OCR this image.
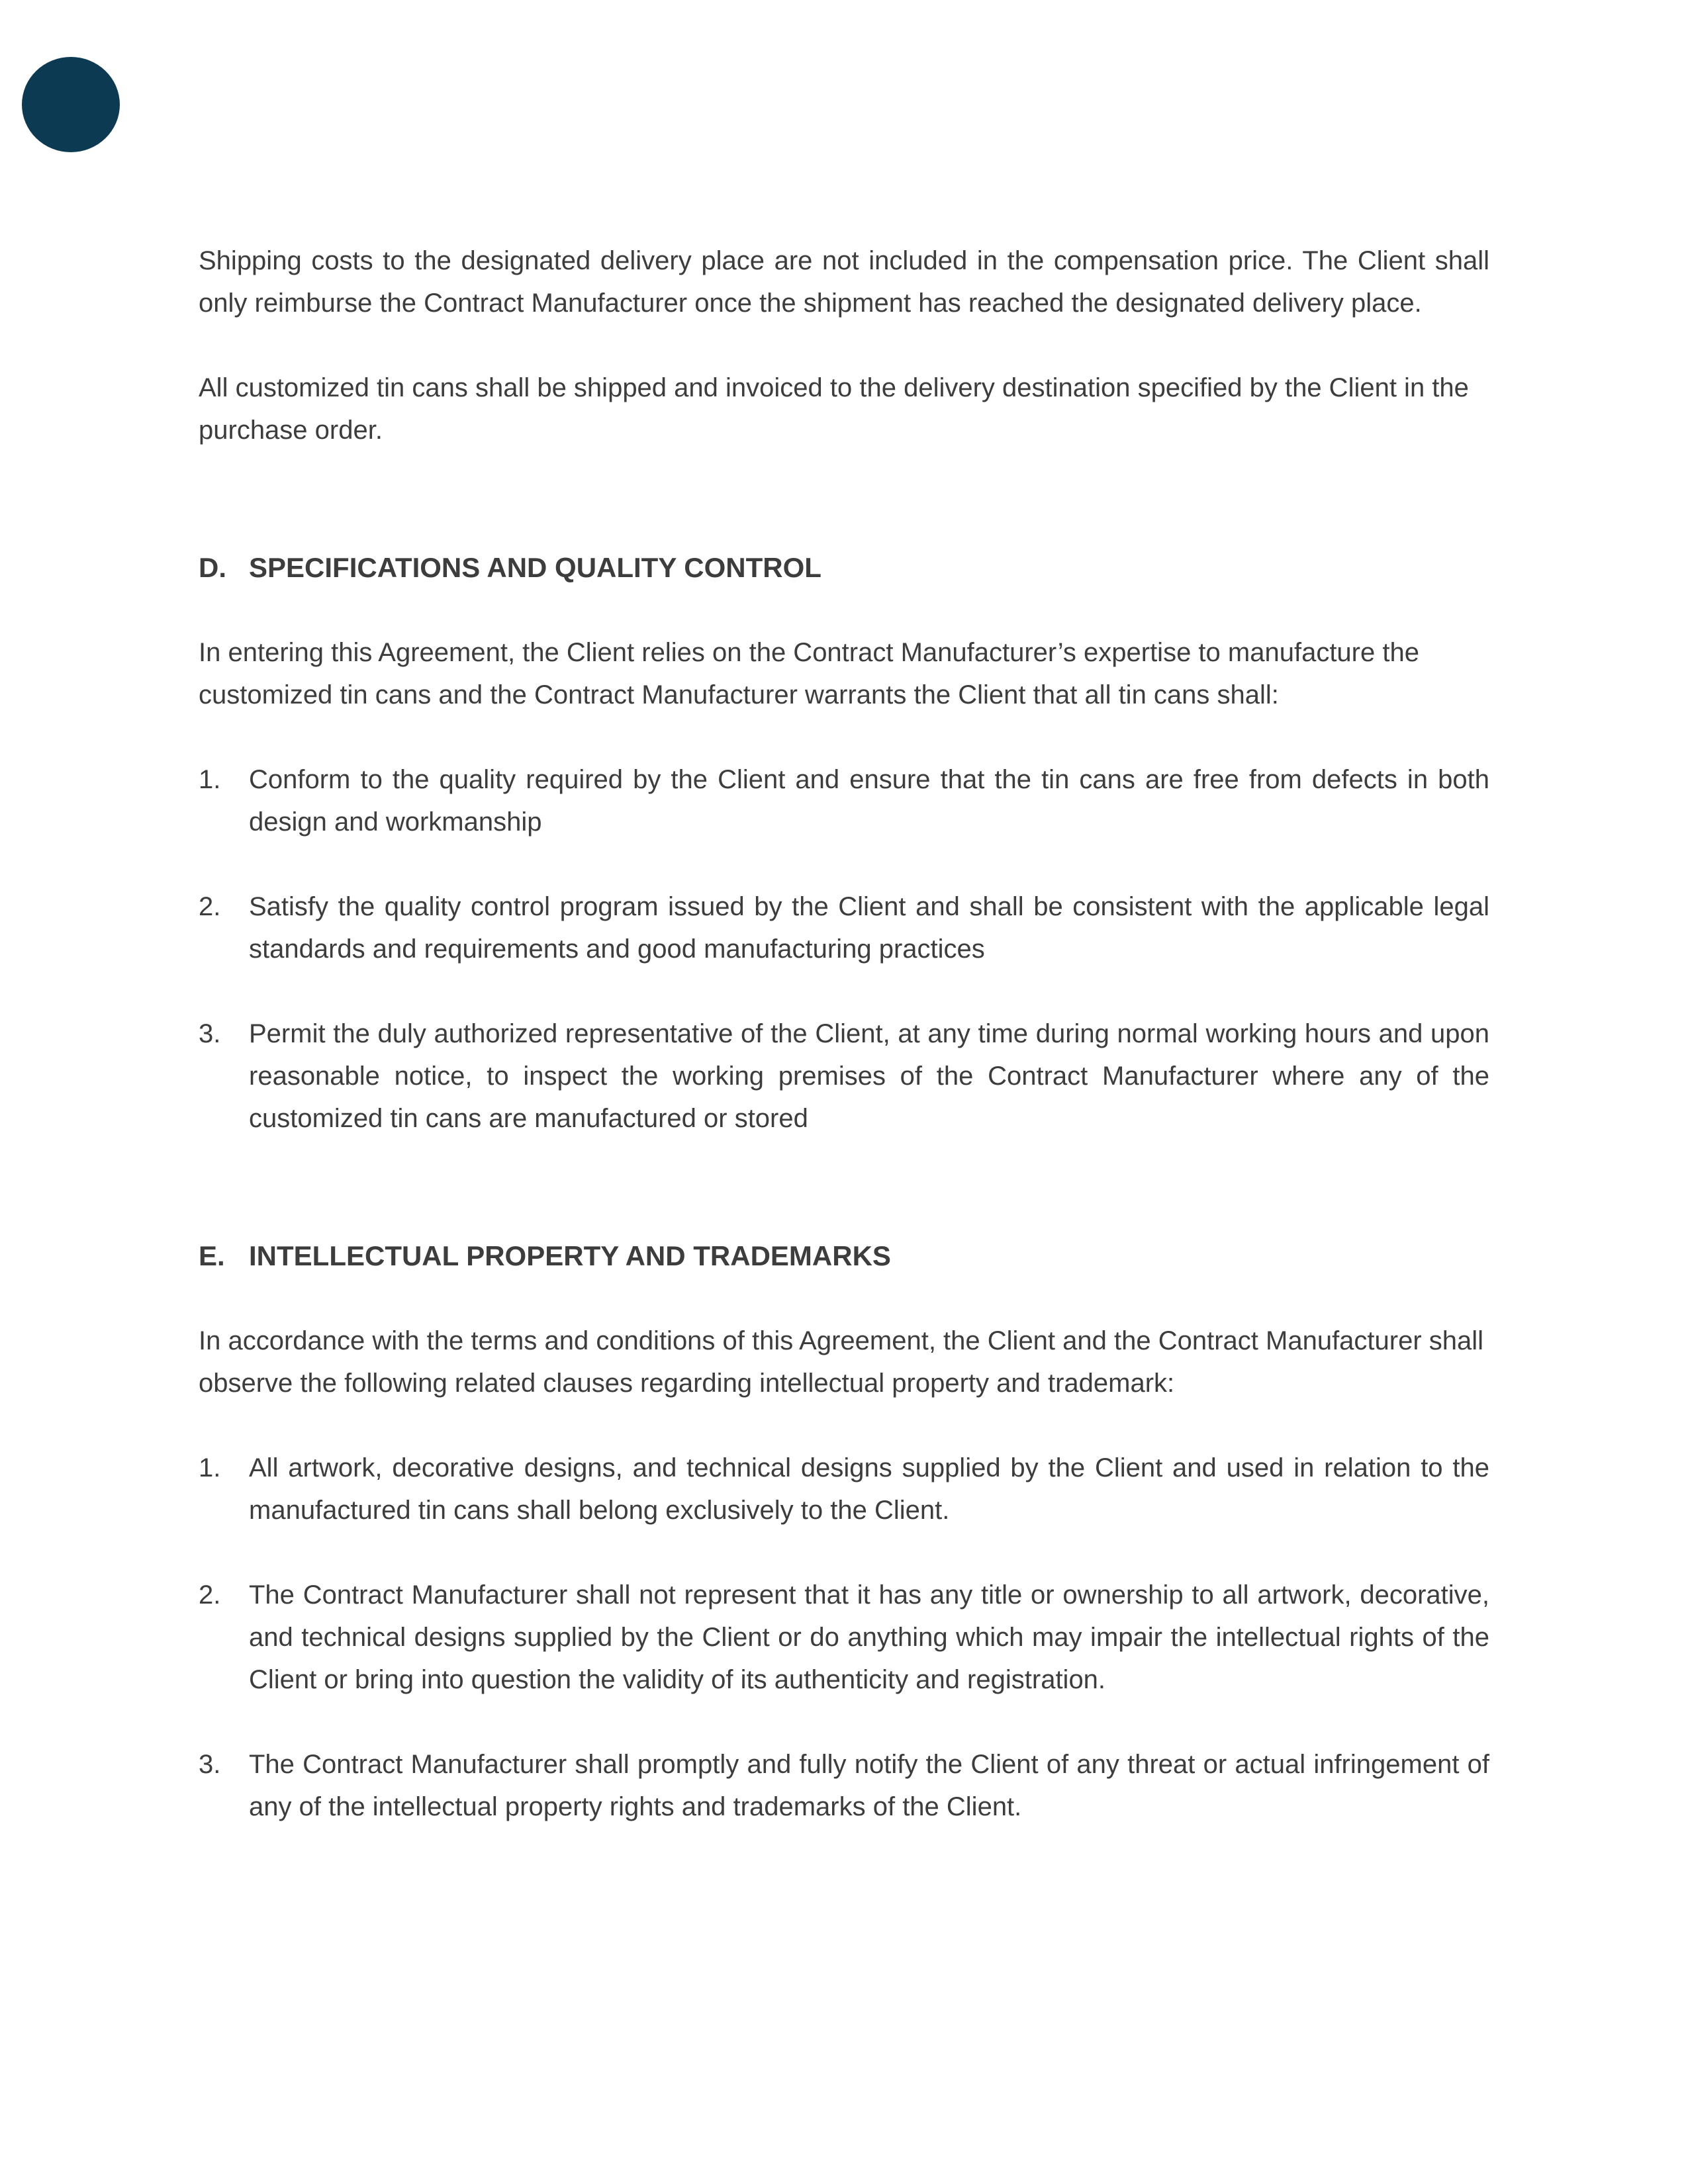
Shipping costs to the designated delivery place are not included in the compensation price. The Client shall only reimburse the Contract Manufacturer once the shipment has reached the designated delivery place.

All customized tin cans shall be shipped and invoiced to the delivery destination specified by the Client in the purchase order.

D. SPECIFICATIONS AND QUALITY CONTROL

In entering this Agreement, the Client relies on the Contract Manufacturer’s expertise to manufacture the customized tin cans and the Contract Manufacturer warrants the Client that all tin cans shall:

1.	Conform to the quality required by the Client and ensure that the tin cans are free from defects in both design and workmanship
2.	Satisfy the quality control program issued by the Client and shall be consistent with the applicable legal standards and requirements and good manufacturing practices
3.	Permit the duly authorized representative of the Client, at any time during normal working hours and upon reasonable notice, to inspect the working premises of the Contract Manufacturer where any of the customized tin cans are manufactured or stored
E. INTELLECTUAL PROPERTY AND TRADEMARKS

In accordance with the terms and conditions of this Agreement, the Client and the Contract Manufacturer shall observe the following related clauses regarding intellectual property and trademark:

1.	All artwork, decorative designs, and technical designs supplied by the Client and used in relation to the manufactured tin cans shall belong exclusively to the Client.
2.	The Contract Manufacturer shall not represent that it has any title or ownership to all artwork, decorative, and technical designs supplied by the Client or do anything which may impair the intellectual rights of the Client or bring into question the validity of its authenticity and registration.
3.	The Contract Manufacturer shall promptly and fully notify the Client of any threat or actual infringement of any of the intellectual property rights and trademarks of the Client.
